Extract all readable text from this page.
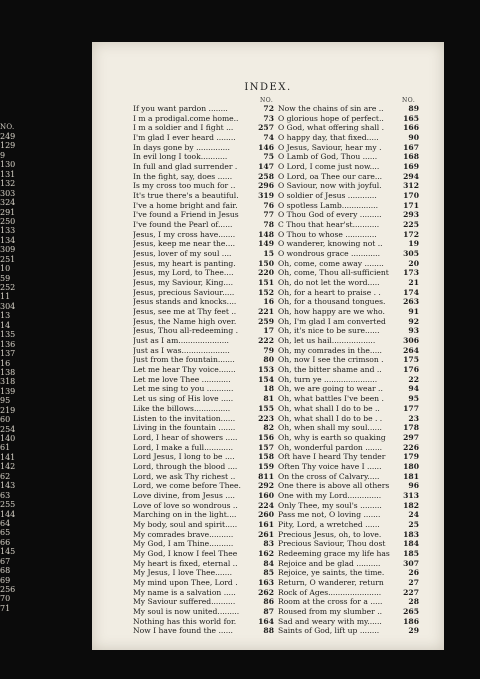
NO.
249
129
9
130
131
132
303
324
291
250
133
134
309
251
10
59
252
11
304
13
14
135
136
137
16
138
318
139
95
219
60
254
140
61
141
142
62
143
63
255
144
64
65
66
145
67
68
69
256
70
71
INDEX.
NO.	NO.
If you want pardon ........	72
I m a prodigal.come home..	73
I m a soldier and I fight ...	257
I'm glad I ever heard ........	74
In days gone by ..............	146
In evil long I took...........	75
In full and glad surrender .	147
In the fight, say, does ......	258
Is my cross too much for ..	296
It's true there's a beautiful.	319
I've a home bright and fair.	76
I've found a Friend in Jesus	77
I've found the Pearl of......	78
Jesus, I my cross have.......	148
Jesus, keep me near the....	149
Jesus, lover of my soul ....	15
Jesus, my heart is panting.	150
Jesus, my Lord, to Thee....	220
Jesus, my Saviour, King....	151
Jesus, precious Saviour.....	152
Jesus stands and knocks....	16
Jesus, see me at Thy feet ..	221
Jesus, the Name high over.	259
Jesus, Thou all-redeeming .	17
Just as I am.....................	222
Just as I was....................	79
Just from the fountain.......	80
Let me hear Thy voice.......	153
Let me love Thee ............	154
Let me sing to you ...........	18
Let us sing of His love .....	81
Like the billows...............	155
Listen to the invitation......	223
Living in the fountain .......	82
Lord, I hear of showers .....	156
Lord, I make a full............	157
Lord Jesus, I long to be ....	158
Lord, through the blood ....	159
Lord, we ask Thy richest ..	811
Lord, we come before Thee.	292
Love divine, from Jesus ....	160
Love of love so wondrous ..	224
Marching on in the light....	260
My body, soul and spirit.....	161
My comrades brave..........	261
My God, I am Thine..........	83
My God, I know I feel Thee	162
My heart is fixed, eternal ..	84
My Jesus, I love Thee.......	85
My mind upon Thee, Lord .	163
My name is a salvation .....	262
My Saviour suffered..........	86
My soul is now united.........	87
Nothing has this world for.	164
Now I have found the ......	88
Now the chains of sin are ..	89
O glorious hope of perfect..	165
O God, what offering shall .	166
O happy day, that fixed.....	90
O Jesus, Saviour, hear my .	167
O Lamb of God, Thou ......	168
O Lord, I come just now....	169
O Lord, oa Thee our care...	294
O Saviour, now with joyful.	312
O soldier of Jesus ............	170
O spotless Lamb...............	171
O Thou God of every .........	293
C Thou that hear'st...........	225
O Thou to whose .............	172
O wanderer, knowing not ..	19
O wondrous grace ............	305
Oh, come, come away ........	20
Oh, come, Thou all-sufficient	173
Oh, do not let the word.....	21
Oh, for a heart to praise . .	174
Oh, for a thousand tongues.	263
Oh, how happy are we who.	91
Oh, I'm glad I am converted	92
Oh, it's nice to be sure......	93
Oh, let us hail..................	306
Oh, my comrades in the.....	264
Oh, now I see the crimson .	175
Oh, the bitter shame and ..	176
Oh, turn ye ......................	22
Oh, we are going to wear ..	94
Oh, what battles I've been .	95
Oh, what shall I do to be ..	177
Oh, what shall I do to be . .	23
Oh, when shall my soul......	178
Oh, why is earth so quaking	297
Oh, wonderful pardon .......	226
Oft have I heard Thy tender	179
Often Thy voice have I ......	180
On the cross of Calvary.....	181
One there is above all others	96
One with my Lord..............	313
Only Thee, my soul's .........	182
Pass me not, O loving .......	24
Pity, Lord, a wretched ......	25
Precious Jesus, oh, to love.	183
Precious Saviour, Thou dost	184
Redeeming grace my life has	185
Rejoice and be glad ..........	307
Rejoice, ye saints, the time.	26
Return, O wanderer, return	27
Rock of Ages......................	227
Room at the cross for a .....	28
Roused from my slumber ..	265
Sad and weary with my......	186
Saints of God, lift up ........	29
